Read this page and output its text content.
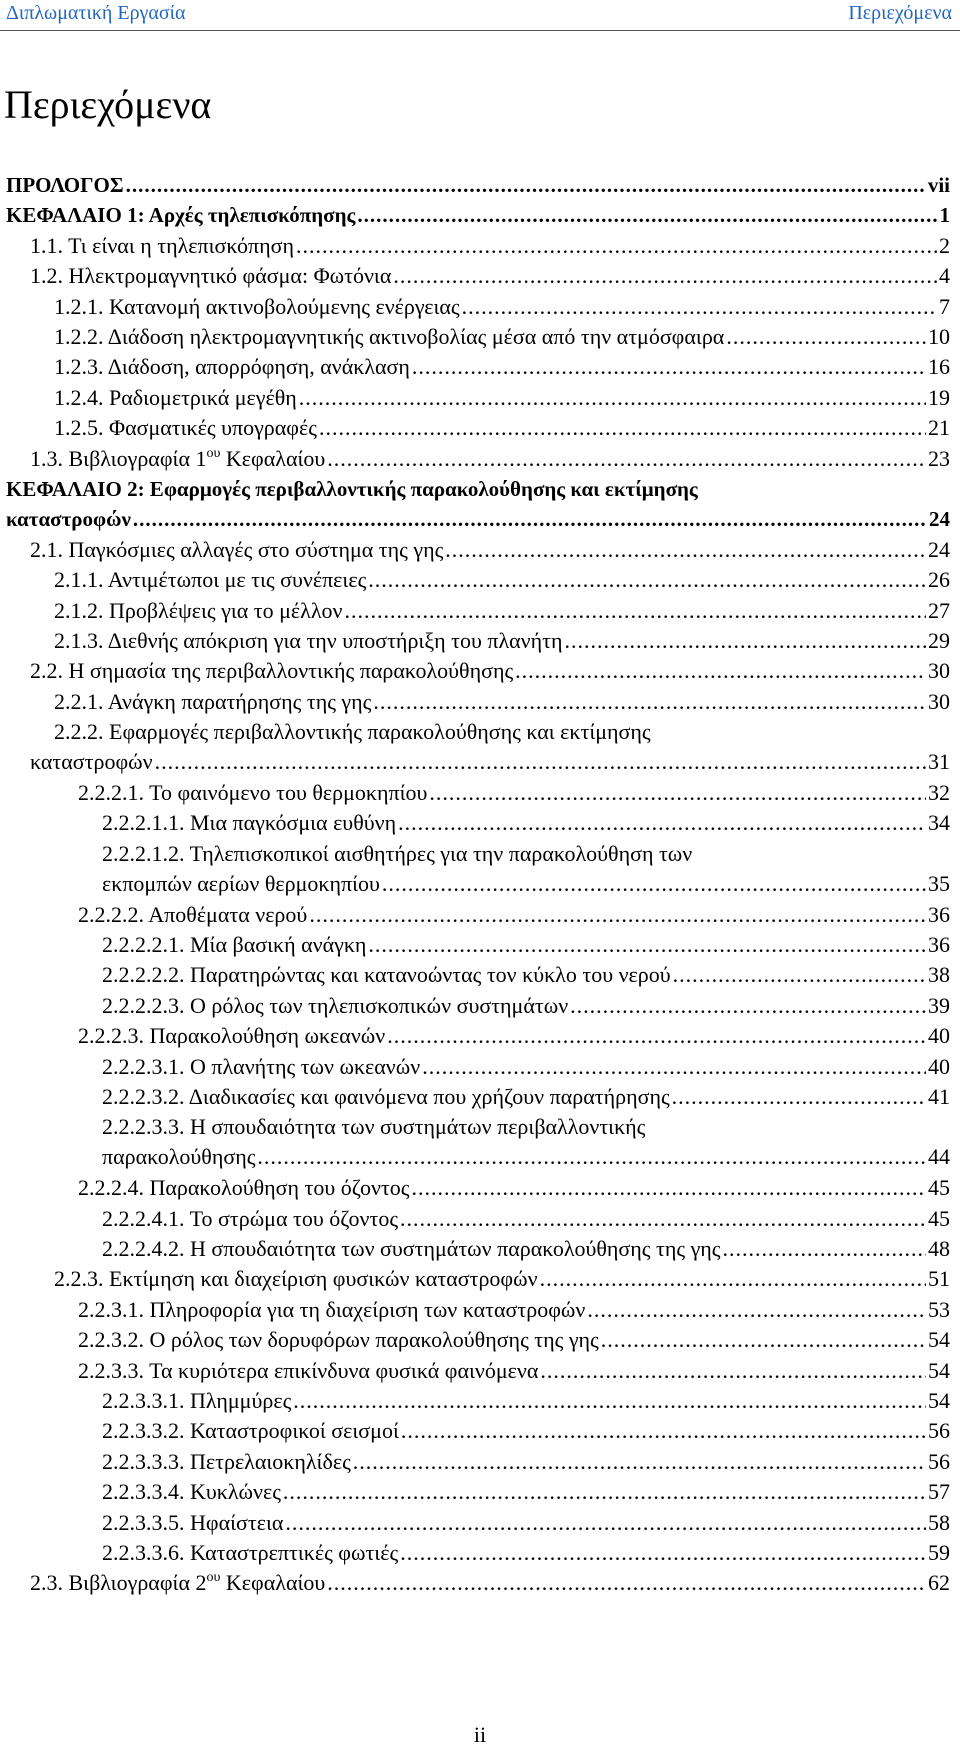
Διπλωματική Εργασία	Περιεχόμενα
Περιεχόμενα
ΠΡΟΛΟΓΟΣ .....	vii
ΚΕΦΑΛΑΙΟ 1: Αρχές τηλεπισκόπησης .....	1
1.1. Τι είναι η τηλεπισκόπηση .....	2
1.2. Ηλεκτρομαγνητικό φάσμα: Φωτόνια .....	4
1.2.1. Κατανομή ακτινοβολούμενης ενέργειας .....	7
1.2.2. Διάδοση ηλεκτρομαγνητικής ακτινοβολίας μέσα από την ατμόσφαιρα .....	10
1.2.3. Διάδοση, απορρόφηση, ανάκλαση .....	16
1.2.4. Ραδιομετρικά μεγέθη .....	19
1.2.5. Φασματικές υπογραφές .....	21
1.3. Βιβλιογραφία $1^{o\upsilon}$ Κεφαλαίου .....	23
ΚΕΦΑΛΑΙΟ 2: Εφαρμογές περιβαλλοντικής παρακολούθησης και εκτίμησης
καταστροφών .....	24
2.1. Παγκόσμιες αλλαγές στο σύστημα της γης .....	24
2.1.1. Αντιμέτωποι με τις συνέπειες .....	26
2.1.2. Προβλέψεις για το μέλλον .....	27
2.1.3. Διεθνής απόκριση για την υποστήριξη του πλανήτη .....	29
2.2. Η σημασία της περιβαλλοντικής παρακολούθησης .....	30
2.2.1. Ανάγκη παρατήρησης της γης .....	30
2.2.2. Εφαρμογές περιβαλλοντικής παρακολούθησης και εκτίμησης
καταστροφών .....	31
2.2.2.1. Το φαινόμενο του θερμοκηπίου .....	32
2.2.2.1.1. Μια παγκόσμια ευθύνη .....	34
2.2.2.1.2. Τηλεπισκοπικοί αισθητήρες για την παρακολούθηση των
εκπομπών αερίων θερμοκηπίου .....	35
2.2.2.2. Αποθέματα νερού .....	36
2.2.2.2.1. Μία βασική ανάγκη .....	36
2.2.2.2.2. Παρατηρώντας και κατανοώντας τον κύκλο του νερού .....	38
2.2.2.2.3. Ο ρόλος των τηλεπισκοπικών συστημάτων .....	39
2.2.2.3. Παρακολούθηση ωκεανών .....	40
2.2.2.3.1. Ο πλανήτης των ωκεανών .....	40
2.2.2.3.2. Διαδικασίες και φαινόμενα που χρήζουν παρατήρησης .....	41
2.2.2.3.3. Η σπουδαιότητα των συστημάτων περιβαλλοντικής
παρακολούθησης .....	44
2.2.2.4. Παρακολούθηση του όζοντος .....	45
2.2.2.4.1. Το στρώμα του όζοντος .....	45
2.2.2.4.2. Η σπουδαιότητα των συστημάτων παρακολούθησης της γης .....	48
2.2.3. Εκτίμηση και διαχείριση φυσικών καταστροφών .....	51
2.2.3.1. Πληροφορία για τη διαχείριση των καταστροφών .....	53
2.2.3.2. Ο ρόλος των δορυφόρων παρακολούθησης της γης .....	54
2.2.3.3. Τα κυριότερα επικίνδυνα φυσικά φαινόμενα .....	54
2.2.3.3.1. Πλημμύρες .....	54
2.2.3.3.2. Καταστροφικοί σεισμοί .....	56
2.2.3.3.3. Πετρελαιοκηλίδες .....	56
2.2.3.3.4. Κυκλώνες .....	57
2.2.3.3.5. Ηφαίστεια .....	58
2.2.3.3.6. Καταστρεπτικές φωτιές .....	59
2.3. Βιβλιογραφία $2^{o\upsilon}$ Κεφαλαίου .....	62
ii
